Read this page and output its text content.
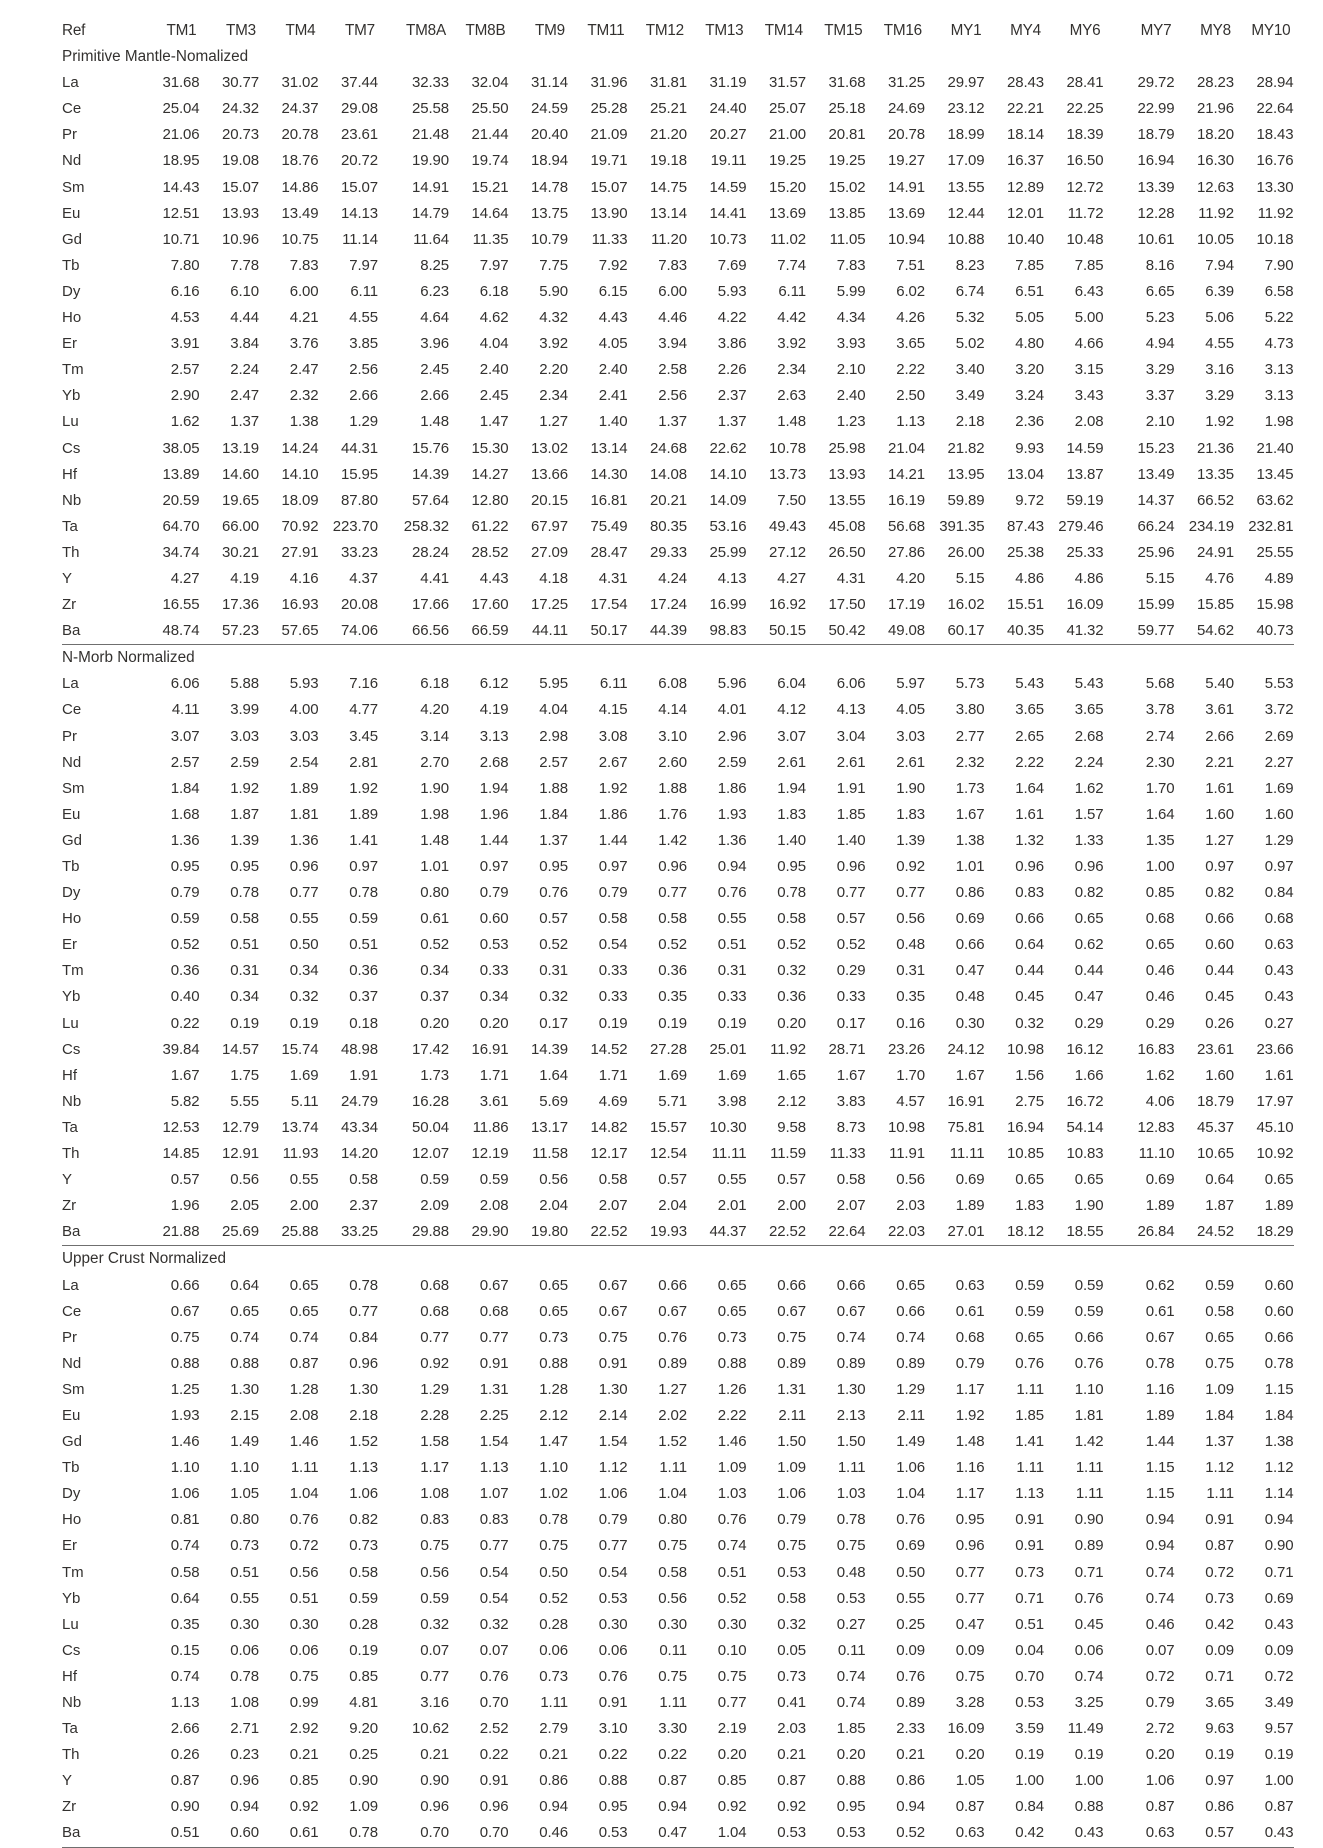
Ref	TM1	TM3	TM4	TM7	TM8A	TM8B	TM9	TM11	TM12	TM13	TM14	TM15	TM16	MY1	MY4	MY6	MY7	MY8	MY10
Primitive Mantle-Nomalized																			
La	31.68	30.77	31.02	37.44	32.33	32.04	31.14	31.96	31.81	31.19	31.57	31.68	31.25	29.97	28.43	28.41	29.72	28.23	28.94
Ce	25.04	24.32	24.37	29.08	25.58	25.50	24.59	25.28	25.21	24.40	25.07	25.18	24.69	23.12	22.21	22.25	22.99	21.96	22.64
Pr	21.06	20.73	20.78	23.61	21.48	21.44	20.40	21.09	21.20	20.27	21.00	20.81	20.78	18.99	18.14	18.39	18.79	18.20	18.43
Nd	18.95	19.08	18.76	20.72	19.90	19.74	18.94	19.71	19.18	19.11	19.25	19.25	19.27	17.09	16.37	16.50	16.94	16.30	16.76
Sm	14.43	15.07	14.86	15.07	14.91	15.21	14.78	15.07	14.75	14.59	15.20	15.02	14.91	13.55	12.89	12.72	13.39	12.63	13.30
Eu	12.51	13.93	13.49	14.13	14.79	14.64	13.75	13.90	13.14	14.41	13.69	13.85	13.69	12.44	12.01	11.72	12.28	11.92	11.92
Gd	10.71	10.96	10.75	11.14	11.64	11.35	10.79	11.33	11.20	10.73	11.02	11.05	10.94	10.88	10.40	10.48	10.61	10.05	10.18
Tb	7.80	7.78	7.83	7.97	8.25	7.97	7.75	7.92	7.83	7.69	7.74	7.83	7.51	8.23	7.85	7.85	8.16	7.94	7.90
Dy	6.16	6.10	6.00	6.11	6.23	6.18	5.90	6.15	6.00	5.93	6.11	5.99	6.02	6.74	6.51	6.43	6.65	6.39	6.58
Ho	4.53	4.44	4.21	4.55	4.64	4.62	4.32	4.43	4.46	4.22	4.42	4.34	4.26	5.32	5.05	5.00	5.23	5.06	5.22
Er	3.91	3.84	3.76	3.85	3.96	4.04	3.92	4.05	3.94	3.86	3.92	3.93	3.65	5.02	4.80	4.66	4.94	4.55	4.73
Tm	2.57	2.24	2.47	2.56	2.45	2.40	2.20	2.40	2.58	2.26	2.34	2.10	2.22	3.40	3.20	3.15	3.29	3.16	3.13
Yb	2.90	2.47	2.32	2.66	2.66	2.45	2.34	2.41	2.56	2.37	2.63	2.40	2.50	3.49	3.24	3.43	3.37	3.29	3.13
Lu	1.62	1.37	1.38	1.29	1.48	1.47	1.27	1.40	1.37	1.37	1.48	1.23	1.13	2.18	2.36	2.08	2.10	1.92	1.98
Cs	38.05	13.19	14.24	44.31	15.76	15.30	13.02	13.14	24.68	22.62	10.78	25.98	21.04	21.82	9.93	14.59	15.23	21.36	21.40
Hf	13.89	14.60	14.10	15.95	14.39	14.27	13.66	14.30	14.08	14.10	13.73	13.93	14.21	13.95	13.04	13.87	13.49	13.35	13.45
Nb	20.59	19.65	18.09	87.80	57.64	12.80	20.15	16.81	20.21	14.09	7.50	13.55	16.19	59.89	9.72	59.19	14.37	66.52	63.62
Ta	64.70	66.00	70.92	223.70	258.32	61.22	67.97	75.49	80.35	53.16	49.43	45.08	56.68	391.35	87.43	279.46	66.24	234.19	232.81
Th	34.74	30.21	27.91	33.23	28.24	28.52	27.09	28.47	29.33	25.99	27.12	26.50	27.86	26.00	25.38	25.33	25.96	24.91	25.55
Y	4.27	4.19	4.16	4.37	4.41	4.43	4.18	4.31	4.24	4.13	4.27	4.31	4.20	5.15	4.86	4.86	5.15	4.76	4.89
Zr	16.55	17.36	16.93	20.08	17.66	17.60	17.25	17.54	17.24	16.99	16.92	17.50	17.19	16.02	15.51	16.09	15.99	15.85	15.98
Ba	48.74	57.23	57.65	74.06	66.56	66.59	44.11	50.17	44.39	98.83	50.15	50.42	49.08	60.17	40.35	41.32	59.77	54.62	40.73
N-Morb Normalized																			
La	6.06	5.88	5.93	7.16	6.18	6.12	5.95	6.11	6.08	5.96	6.04	6.06	5.97	5.73	5.43	5.43	5.68	5.40	5.53
Ce	4.11	3.99	4.00	4.77	4.20	4.19	4.04	4.15	4.14	4.01	4.12	4.13	4.05	3.80	3.65	3.65	3.78	3.61	3.72
Pr	3.07	3.03	3.03	3.45	3.14	3.13	2.98	3.08	3.10	2.96	3.07	3.04	3.03	2.77	2.65	2.68	2.74	2.66	2.69
Nd	2.57	2.59	2.54	2.81	2.70	2.68	2.57	2.67	2.60	2.59	2.61	2.61	2.61	2.32	2.22	2.24	2.30	2.21	2.27
Sm	1.84	1.92	1.89	1.92	1.90	1.94	1.88	1.92	1.88	1.86	1.94	1.91	1.90	1.73	1.64	1.62	1.70	1.61	1.69
Eu	1.68	1.87	1.81	1.89	1.98	1.96	1.84	1.86	1.76	1.93	1.83	1.85	1.83	1.67	1.61	1.57	1.64	1.60	1.60
Gd	1.36	1.39	1.36	1.41	1.48	1.44	1.37	1.44	1.42	1.36	1.40	1.40	1.39	1.38	1.32	1.33	1.35	1.27	1.29
Tb	0.95	0.95	0.96	0.97	1.01	0.97	0.95	0.97	0.96	0.94	0.95	0.96	0.92	1.01	0.96	0.96	1.00	0.97	0.97
Dy	0.79	0.78	0.77	0.78	0.80	0.79	0.76	0.79	0.77	0.76	0.78	0.77	0.77	0.86	0.83	0.82	0.85	0.82	0.84
Ho	0.59	0.58	0.55	0.59	0.61	0.60	0.57	0.58	0.58	0.55	0.58	0.57	0.56	0.69	0.66	0.65	0.68	0.66	0.68
Er	0.52	0.51	0.50	0.51	0.52	0.53	0.52	0.54	0.52	0.51	0.52	0.52	0.48	0.66	0.64	0.62	0.65	0.60	0.63
Tm	0.36	0.31	0.34	0.36	0.34	0.33	0.31	0.33	0.36	0.31	0.32	0.29	0.31	0.47	0.44	0.44	0.46	0.44	0.43
Yb	0.40	0.34	0.32	0.37	0.37	0.34	0.32	0.33	0.35	0.33	0.36	0.33	0.35	0.48	0.45	0.47	0.46	0.45	0.43
Lu	0.22	0.19	0.19	0.18	0.20	0.20	0.17	0.19	0.19	0.19	0.20	0.17	0.16	0.30	0.32	0.29	0.29	0.26	0.27
Cs	39.84	14.57	15.74	48.98	17.42	16.91	14.39	14.52	27.28	25.01	11.92	28.71	23.26	24.12	10.98	16.12	16.83	23.61	23.66
Hf	1.67	1.75	1.69	1.91	1.73	1.71	1.64	1.71	1.69	1.69	1.65	1.67	1.70	1.67	1.56	1.66	1.62	1.60	1.61
Nb	5.82	5.55	5.11	24.79	16.28	3.61	5.69	4.69	5.71	3.98	2.12	3.83	4.57	16.91	2.75	16.72	4.06	18.79	17.97
Ta	12.53	12.79	13.74	43.34	50.04	11.86	13.17	14.82	15.57	10.30	9.58	8.73	10.98	75.81	16.94	54.14	12.83	45.37	45.10
Th	14.85	12.91	11.93	14.20	12.07	12.19	11.58	12.17	12.54	11.11	11.59	11.33	11.91	11.11	10.85	10.83	11.10	10.65	10.92
Y	0.57	0.56	0.55	0.58	0.59	0.59	0.56	0.58	0.57	0.55	0.57	0.58	0.56	0.69	0.65	0.65	0.69	0.64	0.65
Zr	1.96	2.05	2.00	2.37	2.09	2.08	2.04	2.07	2.04	2.01	2.00	2.07	2.03	1.89	1.83	1.90	1.89	1.87	1.89
Ba	21.88	25.69	25.88	33.25	29.88	29.90	19.80	22.52	19.93	44.37	22.52	22.64	22.03	27.01	18.12	18.55	26.84	24.52	18.29
Upper Crust Normalized																			
La	0.66	0.64	0.65	0.78	0.68	0.67	0.65	0.67	0.66	0.65	0.66	0.66	0.65	0.63	0.59	0.59	0.62	0.59	0.60
Ce	0.67	0.65	0.65	0.77	0.68	0.68	0.65	0.67	0.67	0.65	0.67	0.67	0.66	0.61	0.59	0.59	0.61	0.58	0.60
Pr	0.75	0.74	0.74	0.84	0.77	0.77	0.73	0.75	0.76	0.73	0.75	0.74	0.74	0.68	0.65	0.66	0.67	0.65	0.66
Nd	0.88	0.88	0.87	0.96	0.92	0.91	0.88	0.91	0.89	0.88	0.89	0.89	0.89	0.79	0.76	0.76	0.78	0.75	0.78
Sm	1.25	1.30	1.28	1.30	1.29	1.31	1.28	1.30	1.27	1.26	1.31	1.30	1.29	1.17	1.11	1.10	1.16	1.09	1.15
Eu	1.93	2.15	2.08	2.18	2.28	2.25	2.12	2.14	2.02	2.22	2.11	2.13	2.11	1.92	1.85	1.81	1.89	1.84	1.84
Gd	1.46	1.49	1.46	1.52	1.58	1.54	1.47	1.54	1.52	1.46	1.50	1.50	1.49	1.48	1.41	1.42	1.44	1.37	1.38
Tb	1.10	1.10	1.11	1.13	1.17	1.13	1.10	1.12	1.11	1.09	1.09	1.11	1.06	1.16	1.11	1.11	1.15	1.12	1.12
Dy	1.06	1.05	1.04	1.06	1.08	1.07	1.02	1.06	1.04	1.03	1.06	1.03	1.04	1.17	1.13	1.11	1.15	1.11	1.14
Ho	0.81	0.80	0.76	0.82	0.83	0.83	0.78	0.79	0.80	0.76	0.79	0.78	0.76	0.95	0.91	0.90	0.94	0.91	0.94
Er	0.74	0.73	0.72	0.73	0.75	0.77	0.75	0.77	0.75	0.74	0.75	0.75	0.69	0.96	0.91	0.89	0.94	0.87	0.90
Tm	0.58	0.51	0.56	0.58	0.56	0.54	0.50	0.54	0.58	0.51	0.53	0.48	0.50	0.77	0.73	0.71	0.74	0.72	0.71
Yb	0.64	0.55	0.51	0.59	0.59	0.54	0.52	0.53	0.56	0.52	0.58	0.53	0.55	0.77	0.71	0.76	0.74	0.73	0.69
Lu	0.35	0.30	0.30	0.28	0.32	0.32	0.28	0.30	0.30	0.30	0.32	0.27	0.25	0.47	0.51	0.45	0.46	0.42	0.43
Cs	0.15	0.06	0.06	0.19	0.07	0.07	0.06	0.06	0.11	0.10	0.05	0.11	0.09	0.09	0.04	0.06	0.07	0.09	0.09
Hf	0.74	0.78	0.75	0.85	0.77	0.76	0.73	0.76	0.75	0.75	0.73	0.74	0.76	0.75	0.70	0.74	0.72	0.71	0.72
Nb	1.13	1.08	0.99	4.81	3.16	0.70	1.11	0.91	1.11	0.77	0.41	0.74	0.89	3.28	0.53	3.25	0.79	3.65	3.49
Ta	2.66	2.71	2.92	9.20	10.62	2.52	2.79	3.10	3.30	2.19	2.03	1.85	2.33	16.09	3.59	11.49	2.72	9.63	9.57
Th	0.26	0.23	0.21	0.25	0.21	0.22	0.21	0.22	0.22	0.20	0.21	0.20	0.21	0.20	0.19	0.19	0.20	0.19	0.19
Y	0.87	0.96	0.85	0.90	0.90	0.91	0.86	0.88	0.87	0.85	0.87	0.88	0.86	1.05	1.00	1.00	1.06	0.97	1.00
Zr	0.90	0.94	0.92	1.09	0.96	0.96	0.94	0.95	0.94	0.92	0.92	0.95	0.94	0.87	0.84	0.88	0.87	0.86	0.87
Ba	0.51	0.60	0.61	0.78	0.70	0.70	0.46	0.53	0.47	1.04	0.53	0.53	0.52	0.63	0.42	0.43	0.63	0.57	0.43
